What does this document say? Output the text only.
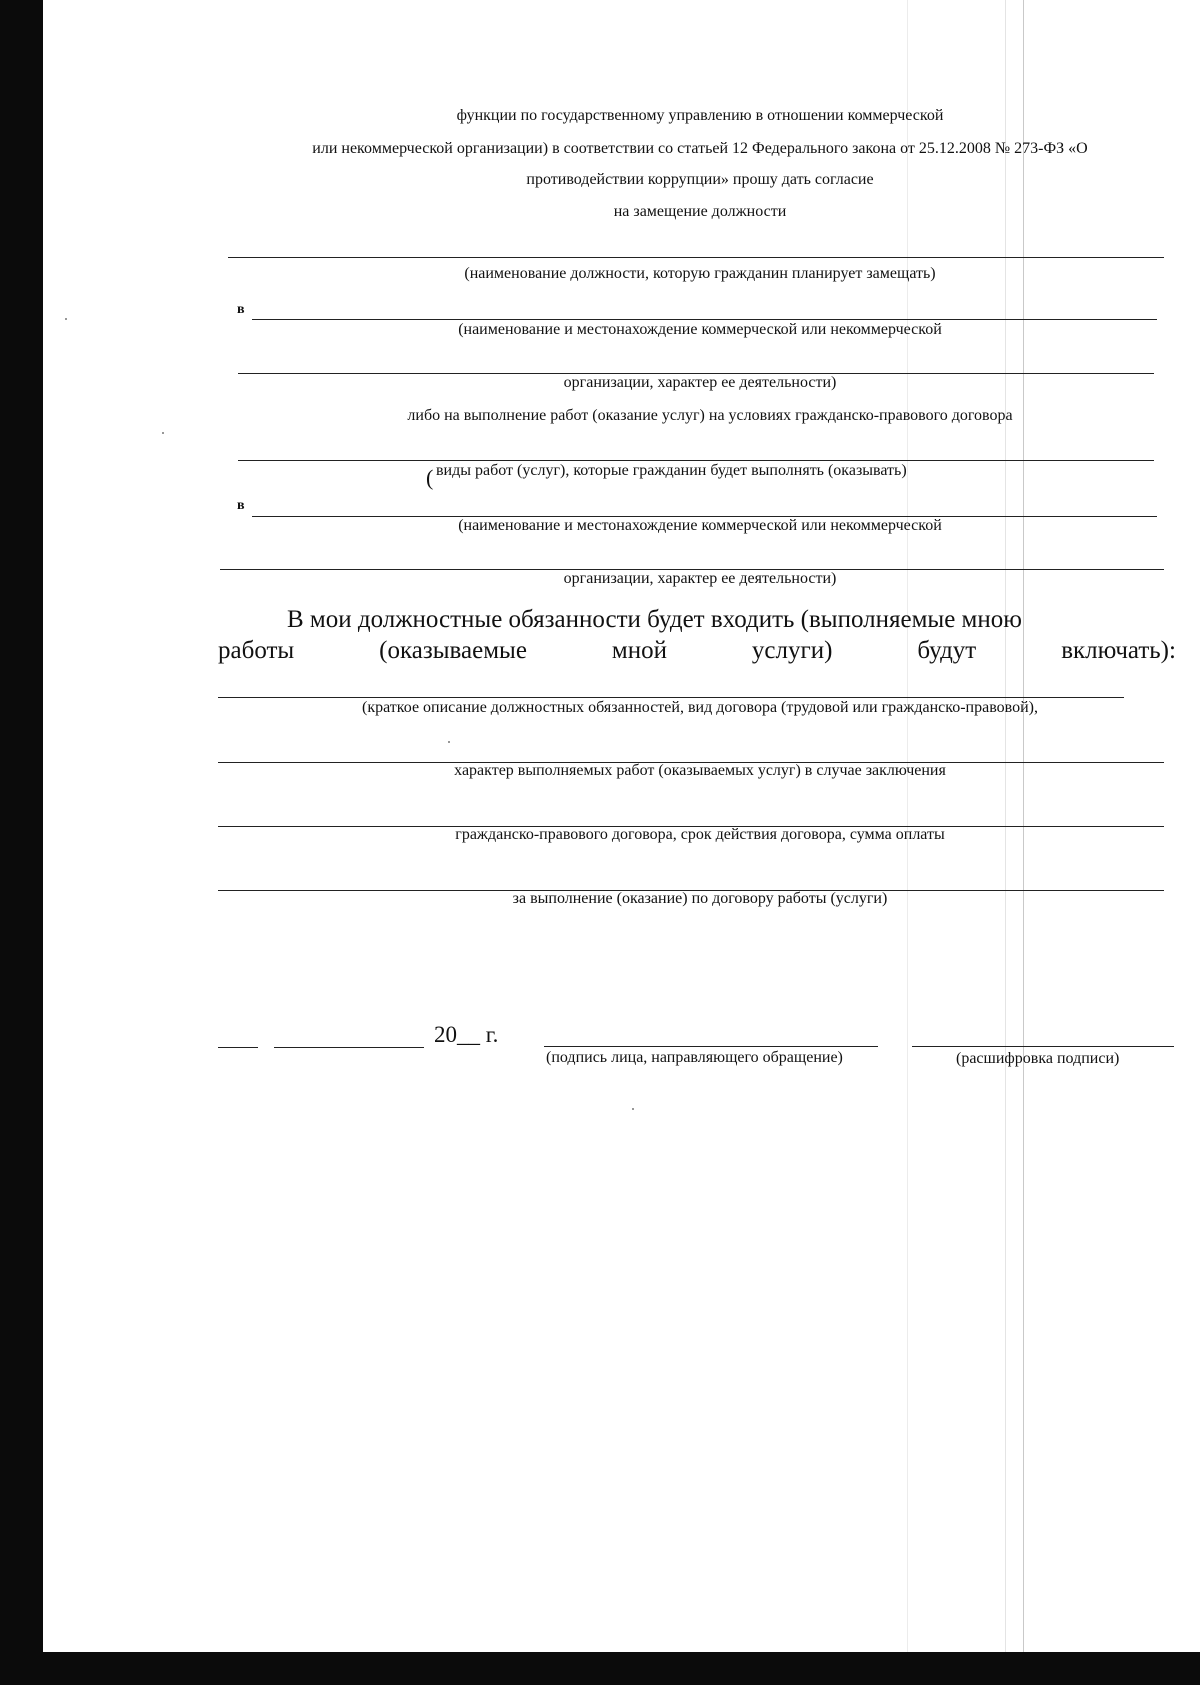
функции по государственному управлению в отношении коммерческой
или некоммерческой организации) в соответствии со статьей 12 Федерального закона от 25.12.2008 № 273-ФЗ «О
противодействии коррупции» прошу дать согласие
на замещение должности
(наименование должности, которую гражданин планирует замещать)
в
(наименование и местонахождение коммерческой или некоммерческой
организации, характер ее деятельности)
либо на выполнение работ (оказание услуг) на условиях гражданско-правового договора
( виды работ (услуг), которые гражданин будет выполнять (оказывать)
в
(наименование и местонахождение коммерческой или некоммерческой
организации, характер ее деятельности)
В мои должностные обязанности будет входить (выполняемые мною
работы	(оказываемые	мной	услуги)	будут	включать):
(краткое описание должностных обязанностей, вид договора (трудовой или гражданско-правовой),
характер выполняемых работ (оказываемых услуг) в случае заключения
гражданско-правового договора, срок действия договора, сумма оплаты
за выполнение (оказание) по договору работы (услуги)
20__ г.
(подпись лица, направляющего обращение)	(расшифровка подписи)
